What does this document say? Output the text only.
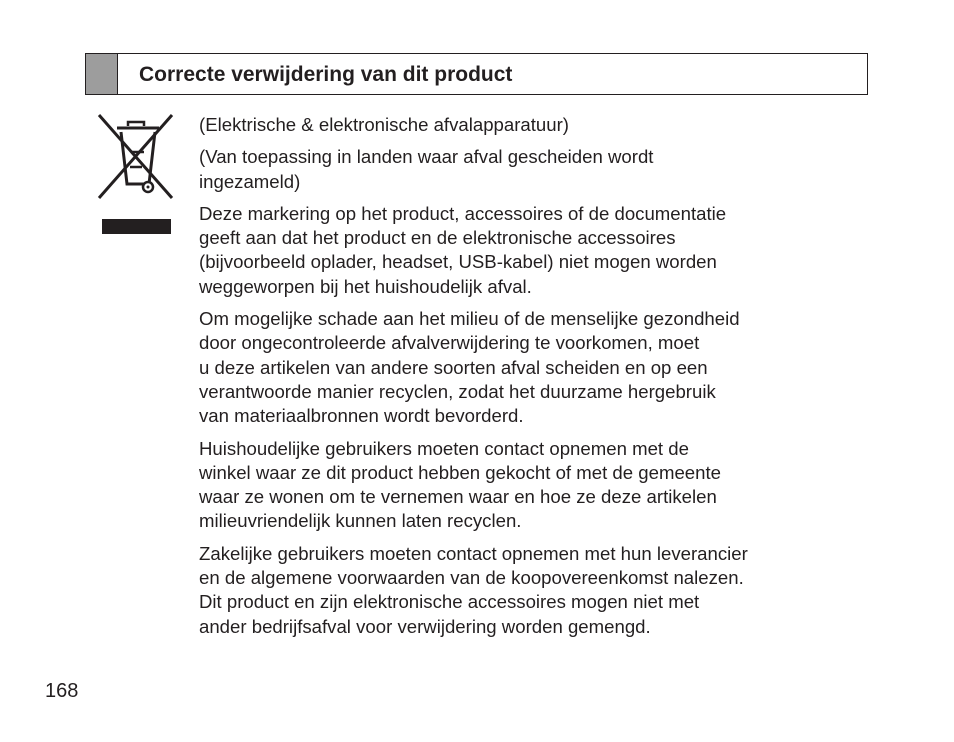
Correcte verwijdering van dit product

(Elektrische & elektronische afvalapparatuur)

(Van toepassing in landen waar afval gescheiden wordt
ingezameld)

Deze markering op het product, accessoires of de documentatie
geeft aan dat het product en de elektronische accessoires
(bijvoorbeeld oplader, headset, USB-kabel) niet mogen worden
weggeworpen bij het huishoudelijk afval.

Om mogelijke schade aan het milieu of de menselijke gezondheid
door ongecontroleerde afvalverwijdering te voorkomen, moet
u deze artikelen van andere soorten afval scheiden en op een
verantwoorde manier recyclen, zodat het duurzame hergebruik
van materiaalbronnen wordt bevorderd.

Huishoudelijke gebruikers moeten contact opnemen met de
winkel waar ze dit product hebben gekocht of met de gemeente
waar ze wonen om te vernemen waar en hoe ze deze artikelen
milieuvriendelijk kunnen laten recyclen.

Zakelijke gebruikers moeten contact opnemen met hun leverancier
en de algemene voorwaarden van de koopovereenkomst nalezen.
Dit product en zijn elektronische accessoires mogen niet met
ander bedrijfsafval voor verwijdering worden gemengd.

168
